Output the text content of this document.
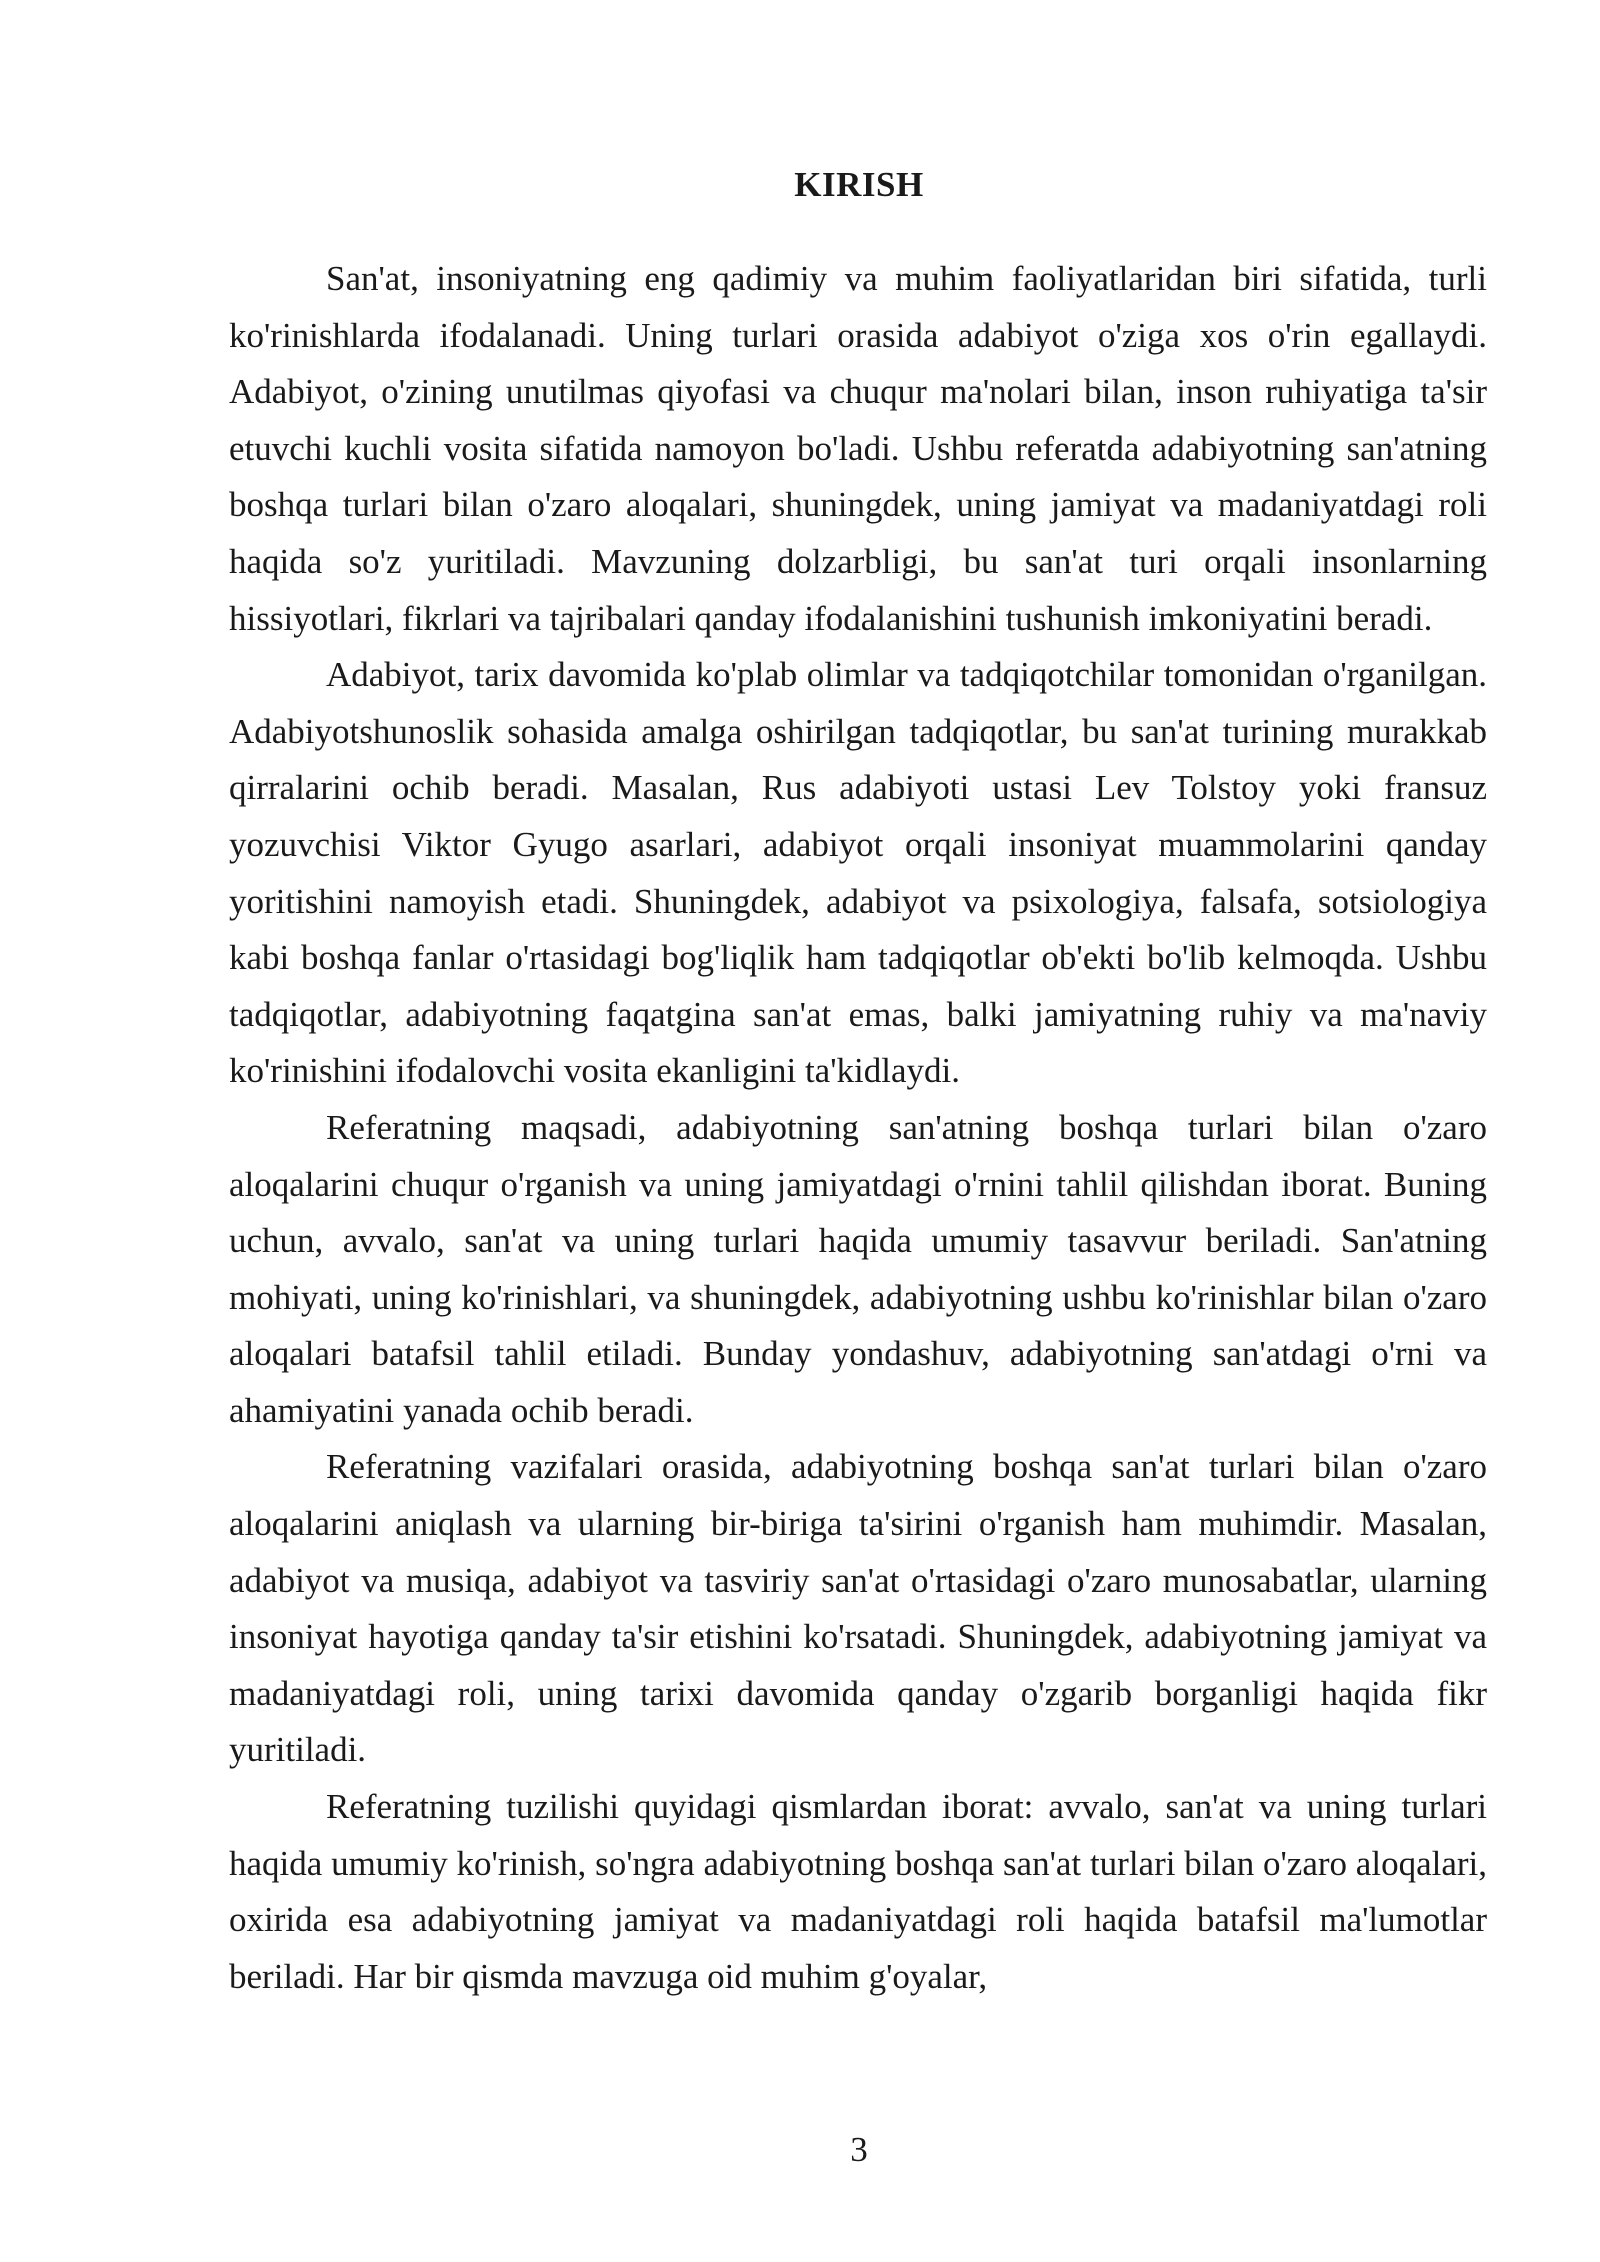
KIRISH

San'at, insoniyatning eng qadimiy va muhim faoliyatlaridan biri sifatida, turli ko'rinishlarda ifodalanadi. Uning turlari orasida adabiyot o'ziga xos o'rin egallaydi. Adabiyot, o'zining unutilmas qiyofasi va chuqur ma'nolari bilan, inson ruhiyatiga ta'sir etuvchi kuchli vosita sifatida namoyon bo'ladi. Ushbu referatda adabiyotning san'atning boshqa turlari bilan o'zaro aloqalari, shuningdek, uning jamiyat va madaniyatdagi roli haqida so'z yuritiladi. Mavzuning dolzarbligi, bu san'at turi orqali insonlarning hissiyotlari, fikrlari va tajribalari qanday ifodalanishini tushunish imkoniyatini beradi.

Adabiyot, tarix davomida ko'plab olimlar va tadqiqotchilar tomonidan o'rganilgan. Adabiyotshunoslik sohasida amalga oshirilgan tadqiqotlar, bu san'at turining murakkab qirralarini ochib beradi. Masalan, Rus adabiyoti ustasi Lev Tolstoy yoki fransuz yozuvchisi Viktor Gyugo asarlari, adabiyot orqali insoniyat muammolarini qanday yoritishini namoyish etadi. Shuningdek, adabiyot va psixologiya, falsafa, sotsiologiya kabi boshqa fanlar o'rtasidagi bog'liqlik ham tadqiqotlar ob'ekti bo'lib kelmoqda. Ushbu tadqiqotlar, adabiyotning faqatgina san'at emas, balki jamiyatning ruhiy va ma'naviy ko'rinishini ifodalovchi vosita ekanligini ta'kidlaydi.

Referatning maqsadi, adabiyotning san'atning boshqa turlari bilan o'zaro aloqalarini chuqur o'rganish va uning jamiyatdagi o'rnini tahlil qilishdan iborat. Buning uchun, avvalo, san'at va uning turlari haqida umumiy tasavvur beriladi. San'atning mohiyati, uning ko'rinishlari, va shuningdek, adabiyotning ushbu ko'rinishlar bilan o'zaro aloqalari batafsil tahlil etiladi. Bunday yondashuv, adabiyotning san'atdagi o'rni va ahamiyatini yanada ochib beradi.

Referatning vazifalari orasida, adabiyotning boshqa san'at turlari bilan o'zaro aloqalarini aniqlash va ularning bir-biriga ta'sirini o'rganish ham muhimdir. Masalan, adabiyot va musiqa, adabiyot va tasviriy san'at o'rtasidagi o'zaro munosabatlar, ularning insoniyat hayotiga qanday ta'sir etishini ko'rsatadi. Shuningdek, adabiyotning jamiyat va madaniyatdagi roli, uning tarixi davomida qanday o'zgarib borganligi haqida fikr yuritiladi.

Referatning tuzilishi quyidagi qismlardan iborat: avvalo, san'at va uning turlari haqida umumiy ko'rinish, so'ngra adabiyotning boshqa san'at turlari bilan o'zaro aloqalari, oxirida esa adabiyotning jamiyat va madaniyatdagi roli haqida batafsil ma'lumotlar beriladi. Har bir qismda mavzuga oid muhim g'oyalar,

3
